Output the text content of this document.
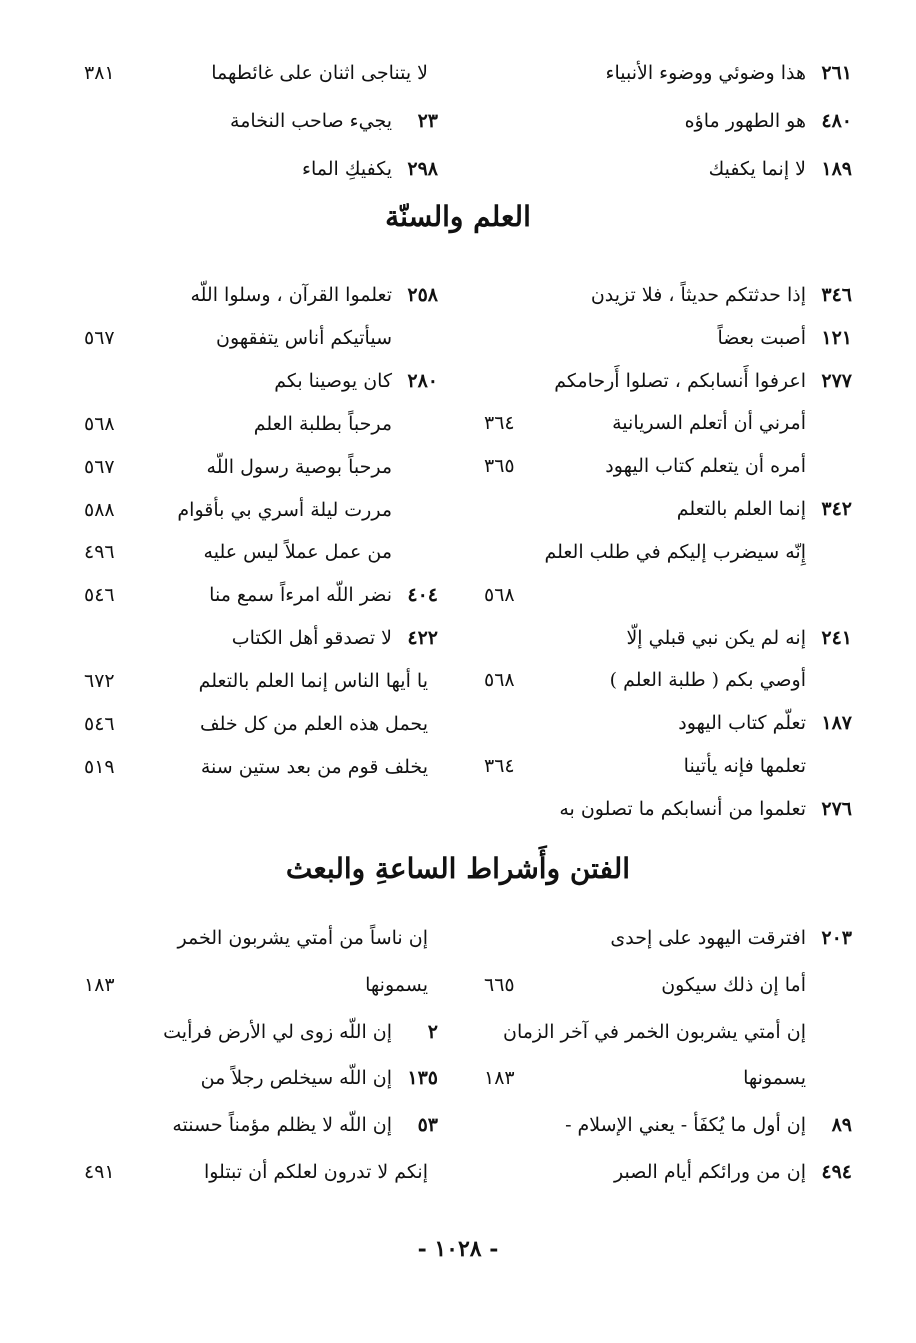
٢٦١
هذا وضوئي ووضوء الأنبياء
٤٨٠
هو الطهور ماؤه
١٨٩
لا إنما يكفيك
لا يتناجى اثنان على غائطهما
٣٨١
٢٣
يجيء صاحب النخامة
٢٩٨
يكفيكِ الماء
العلم والسنّة
٣٤٦
إذا حدثتكم حديثاً ، فلا تزيدن
١٢١
أصبت بعضاً
٢٧٧
اعرفوا أَنسابكم ، تصلوا أَرحامكم
أمرني أن أتعلم السريانية
٣٦٤
أمره أن يتعلم كتاب اليهود
٣٦٥
٣٤٢
إنما العلم بالتعلم
إِنّه سيضرب إليكم في طلب العلم
٥٦٨
٢٤١
إنه لم يكن نبي قبلي إلّا
أوصي بكم ( طلبة العلم )
٥٦٨
١٨٧
تعلّم كتاب اليهود
تعلمها فإنه يأتينا
٣٦٤
٢٧٦
تعلموا من أنسابكم ما تصلون به
٢٥٨
تعلموا القرآن ، وسلوا اللّه
سيأتيكم أناس يتفقهون
٥٦٧
٢٨٠
كان يوصينا بكم
مرحباً بطلبة العلم
٥٦٨
مرحباً بوصية رسول اللّه
٥٦٧
مررت ليلة أسري بي بأقوام
٥٨٨
من عمل عملاً ليس عليه
٤٩٦
٤٠٤
نضر اللّه امرءاً سمع منا
٥٤٦
٤٢٢
لا تصدقو أهل الكتاب
يا أيها الناس إنما العلم بالتعلم
٦٧٢
يحمل هذه العلم من كل خلف
٥٤٦
يخلف قوم من بعد ستين سنة
٥١٩
الفتن وأَشراط الساعةِ والبعث
٢٠٣
افترقت اليهود على إحدى
أما إن ذلك سيكون
٦٦٥
إن أمتي يشربون الخمر في آخر الزمان
يسمونها
١٨٣
٨٩
إن أول ما يُكفَأ - يعني الإسلام -
٤٩٤
إن من ورائكم أيام الصبر
إن ناساً من أمتي يشربون الخمر
يسمونها
١٨٣
٢
إن اللّه زوى لي الأرض فرأيت
١٣٥
إن اللّه سيخلص رجلاً من
٥٣
إن اللّه لا يظلم مؤمناً حسنته
إنكم لا تدرون لعلكم أن تبتلوا
٤٩١
- ١٠٢٨ -
